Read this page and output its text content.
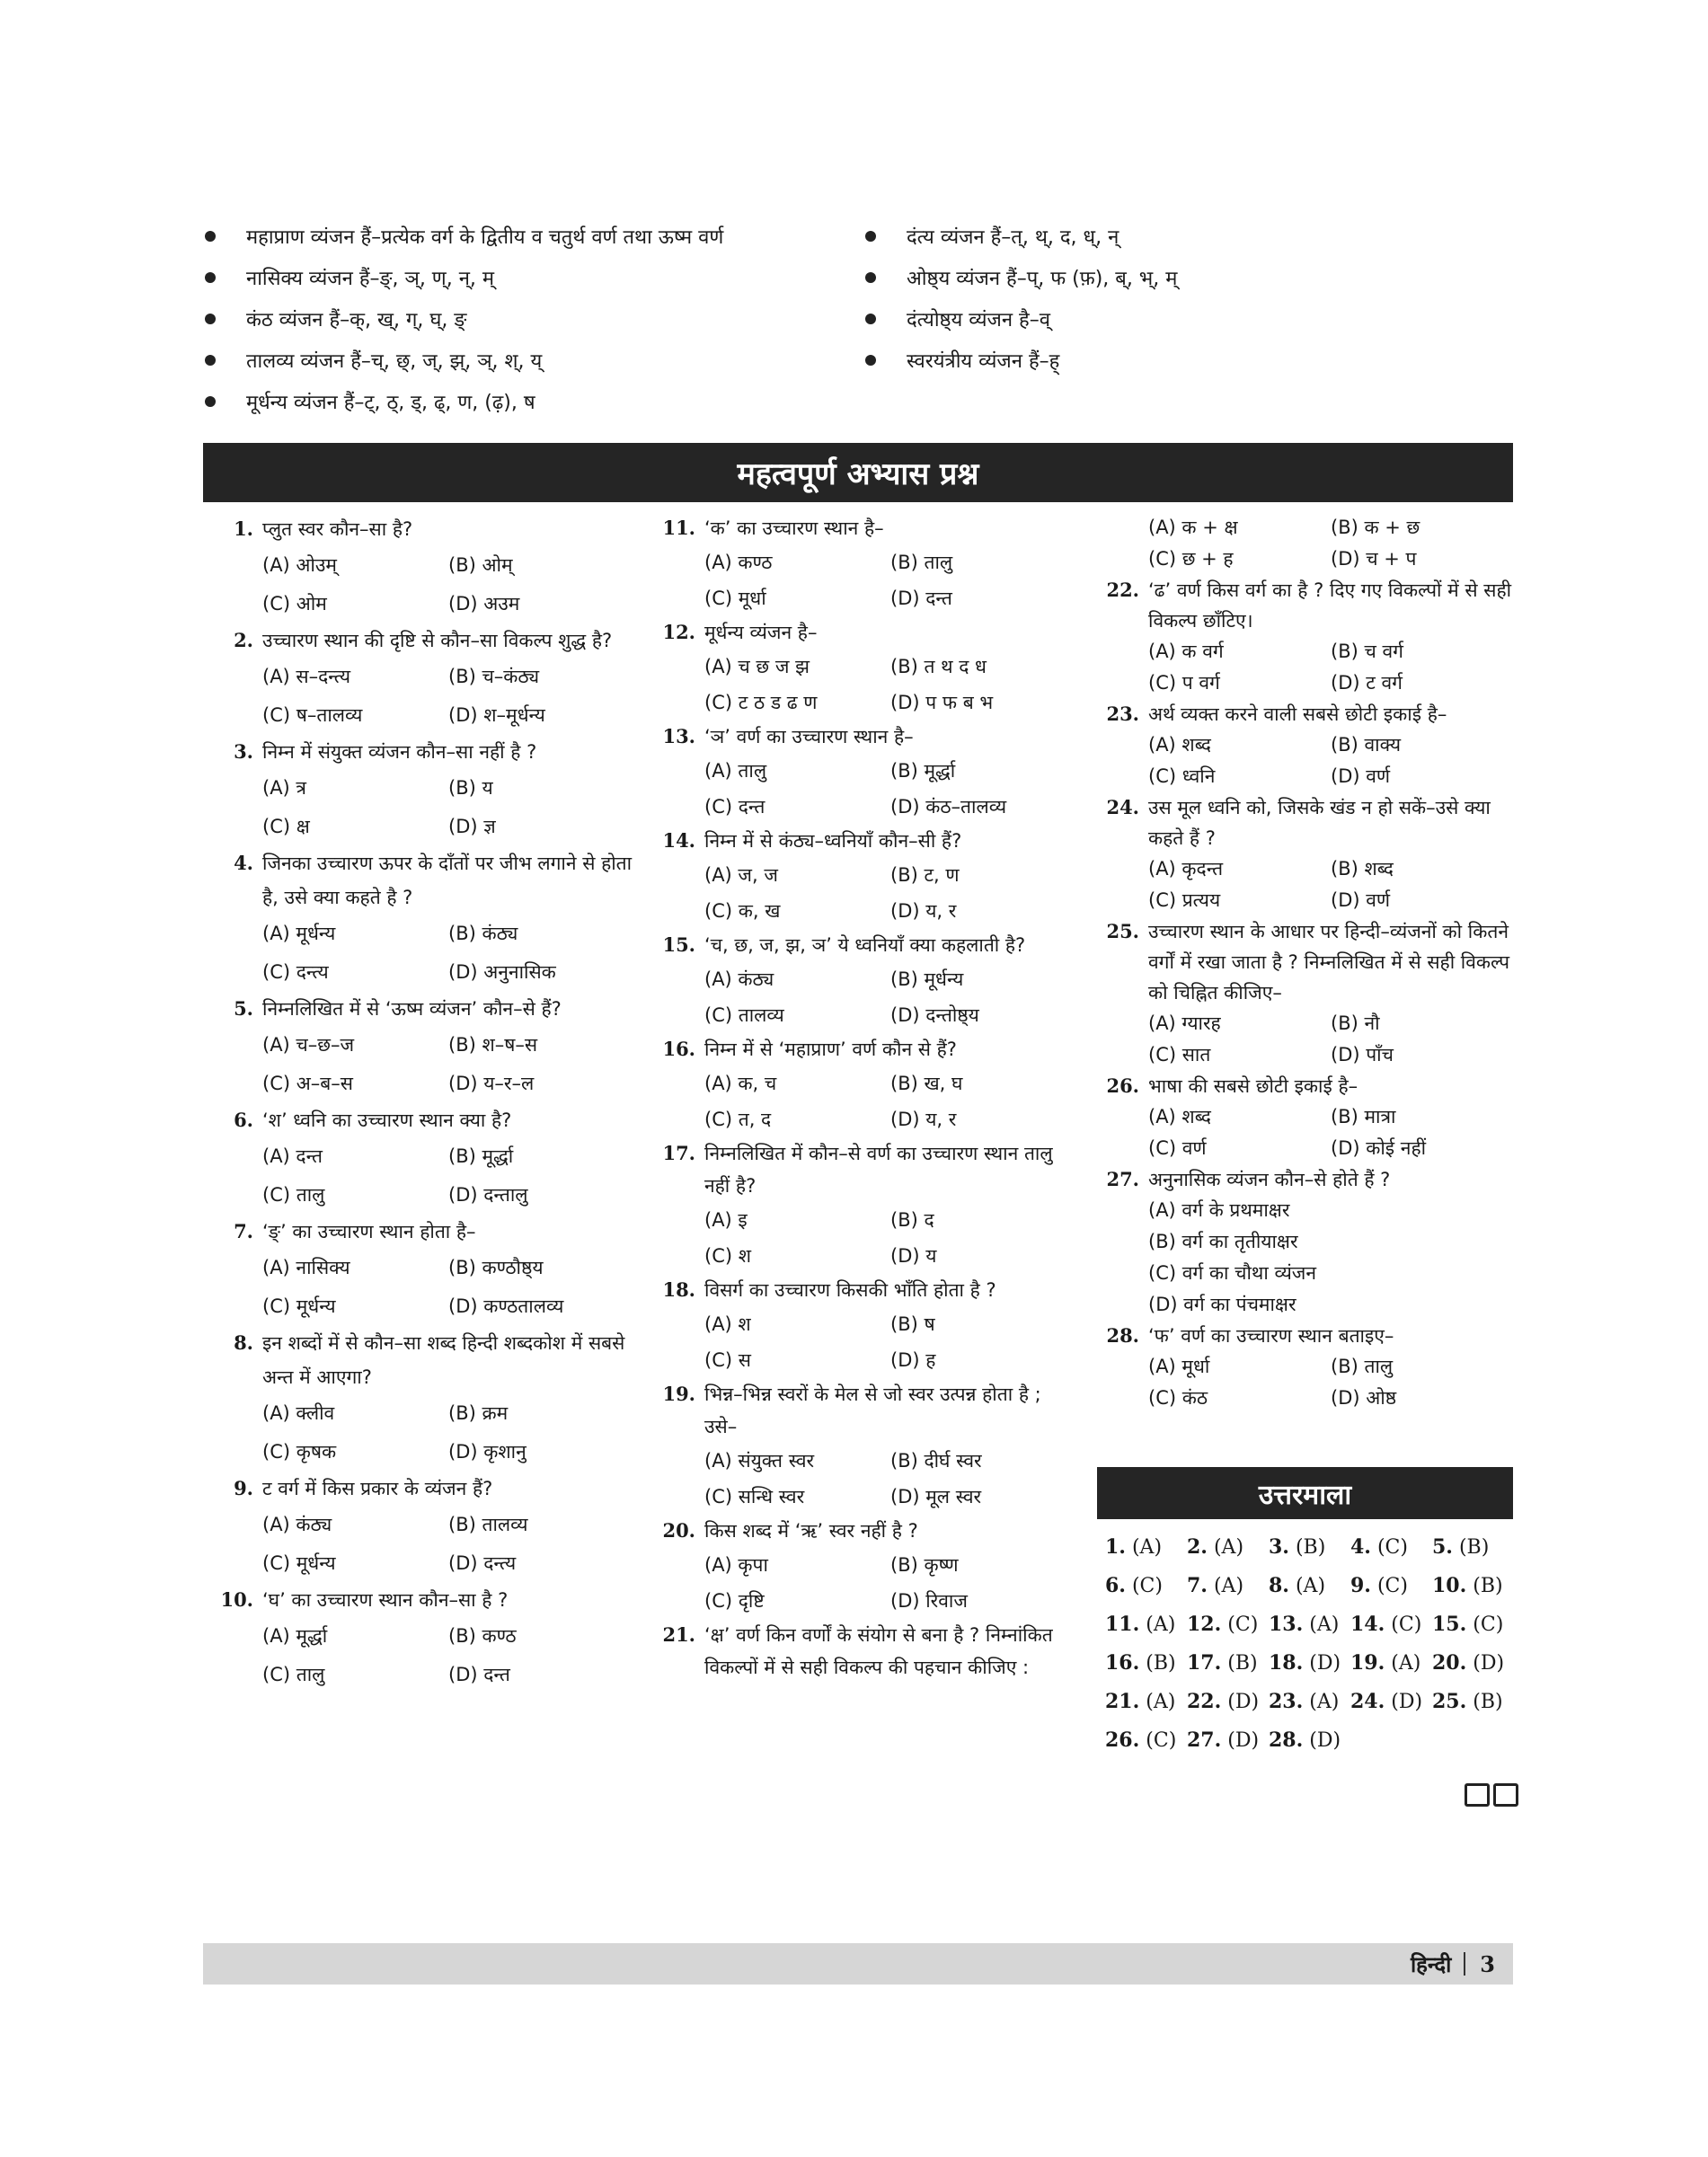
महाप्राण व्यंजन हैं–प्रत्येक वर्ग के द्वितीय व चतुर्थ वर्ण तथा ऊष्म वर्ण
नासिक्य व्यंजन हैं–ङ्, ञ्, ण्, न्, म्
कंठ व्यंजन हैं–क्, ख्, ग्, घ्, ङ्
तालव्य व्यंजन हैं–च्, छ्, ज्, झ्, ञ्, श्, य्
मूर्धन्य व्यंजन हैं–ट्, ठ्, ड्, ढ्, ण, (ढ़), ष
दंत्य व्यंजन हैं–त्, थ्, द, ध्, न्
ओष्ठ्य व्यंजन हैं–प्, फ (फ़), ब्, भ्, म्
दंत्योष्ठ्य व्यंजन है–व्
स्वरयंत्रीय व्यंजन हैं–ह्
महत्वपूर्ण अभ्यास प्रश्न
1. प्लुत स्वर कौन–सा है?
(A) ओउम्	(B) ओम्
(C) ओम	(D) अउम
2. उच्चारण स्थान की दृष्टि से कौन–सा विकल्प शुद्ध है?
(A) स–दन्त्य	(B) च–कंठ्य
(C) ष–तालव्य	(D) श–मूर्धन्य
3. निम्न में संयुक्त व्यंजन कौन–सा नहीं है ?
(A) त्र	(B) य
(C) क्ष	(D) ज्ञ
4. जिनका उच्चारण ऊपर के दाँतों पर जीभ लगाने से होता है, उसे क्या कहते है ?
(A) मूर्धन्य	(B) कंठ्य
(C) दन्त्य	(D) अनुनासिक
5. निम्नलिखित में से ‘ऊष्म व्यंजन’ कौन–से हैं?
(A) च–छ–ज	(B) श–ष–स
(C) अ–ब–स	(D) य–र–ल
6. ‘श’ ध्वनि का उच्चारण स्थान क्या है?
(A) दन्त	(B) मूर्द्धा
(C) तालु	(D) दन्तालु
7. ‘ङ्’ का उच्चारण स्थान होता है–
(A) नासिक्य	(B) कण्ठौष्ठ्य
(C) मूर्धन्य	(D) कण्ठतालव्य
8. इन शब्दों में से कौन–सा शब्द हिन्दी शब्दकोश में सबसे अन्त में आएगा?
(A) क्लीव	(B) क्रम
(C) कृषक	(D) कृशानु
9. ट वर्ग में किस प्रकार के व्यंजन हैं?
(A) कंठ्य	(B) तालव्य
(C) मूर्धन्य	(D) दन्त्य
10. ‘घ’ का उच्चारण स्थान कौन–सा है ?
(A) मूर्द्धा	(B) कण्ठ
(C) तालु	(D) दन्त
11. ‘क’ का उच्चारण स्थान है–
(A) कण्ठ	(B) तालु
(C) मूर्धा	(D) दन्त
12. मूर्धन्य व्यंजन है–
(A) च छ ज झ	(B) त थ द ध
(C) ट ठ ड ढ ण	(D) प फ ब भ
13. ‘ञ’ वर्ण का उच्चारण स्थान है–
(A) तालु	(B) मूर्द्धा
(C) दन्त	(D) कंठ–तालव्य
14. निम्न में से कंठ्य–ध्वनियाँ कौन–सी हैं?
(A) ज, ज	(B) ट, ण
(C) क, ख	(D) य, र
15. ‘च, छ, ज, झ, ञ’ ये ध्वनियाँ क्या कहलाती है?
(A) कंठ्य	(B) मूर्धन्य
(C) तालव्य	(D) दन्तोष्ठ्य
16. निम्न में से ‘महाप्राण’ वर्ण कौन से हैं?
(A) क, च	(B) ख, घ
(C) त, द	(D) य, र
17. निम्नलिखित में कौन–से वर्ण का उच्चारण स्थान तालु नहीं है?
(A) इ	(B) द
(C) श	(D) य
18. विसर्ग का उच्चारण किसकी भाँति होता है ?
(A) श	(B) ष
(C) स	(D) ह
19. भिन्न–भिन्न स्वरों के मेल से जो स्वर उत्पन्न होता है ; उसे–
(A) संयुक्त स्वर	(B) दीर्घ स्वर
(C) सन्धि स्वर	(D) मूल स्वर
20. किस शब्द में ‘ऋ’ स्वर नहीं है ?
(A) कृपा	(B) कृष्ण
(C) दृष्टि	(D) रिवाज
21. ‘क्ष’ वर्ण किन वर्णों के संयोग से बना है ? निम्नांकित विकल्पों में से सही विकल्प की पहचान कीजिए :
(A) क + क्ष	(B) क + छ
(C) छ + ह	(D) च + प
22. ‘ढ’ वर्ण किस वर्ग का है ? दिए गए विकल्पों में से सही विकल्प छाँटिए।
(A) क वर्ग	(B) च वर्ग
(C) प वर्ग	(D) ट वर्ग
23. अर्थ व्यक्त करने वाली सबसे छोटी इकाई है–
(A) शब्द	(B) वाक्य
(C) ध्वनि	(D) वर्ण
24. उस मूल ध्वनि को, जिसके खंड न हो सकें–उसे क्या कहते हैं ?
(A) कृदन्त	(B) शब्द
(C) प्रत्यय	(D) वर्ण
25. उच्चारण स्थान के आधार पर हिन्दी–व्यंजनों को कितने वर्गों में रखा जाता है ? निम्नलिखित में से सही विकल्प को चिह्नित कीजिए–
(A) ग्यारह	(B) नौ
(C) सात	(D) पाँच
26. भाषा की सबसे छोटी इकाई है–
(A) शब्द	(B) मात्रा
(C) वर्ण	(D) कोई नहीं
27. अनुनासिक व्यंजन कौन–से होते हैं ?
(A) वर्ग के प्रथमाक्षर
(B) वर्ग का तृतीयाक्षर
(C) वर्ग का चौथा व्यंजन
(D) वर्ग का पंचमाक्षर
28. ‘फ’ वर्ण का उच्चारण स्थान बताइए–
(A) मूर्धा	(B) तालु
(C) कंठ	(D) ओष्ठ
उत्तरमाला
1. (A)	2. (A)	3. (B)	4. (C)	5. (B)
6. (C)	7. (A)	8. (A)	9. (C)	10. (B)
11. (A) 12. (C) 13. (A) 14. (C) 15. (C)
16. (B) 17. (B) 18. (D) 19. (A) 20. (D)
21. (A) 22. (D) 23. (A) 24. (D) 25. (B)
26. (C) 27. (D) 28. (D)
हिन्दी	3
